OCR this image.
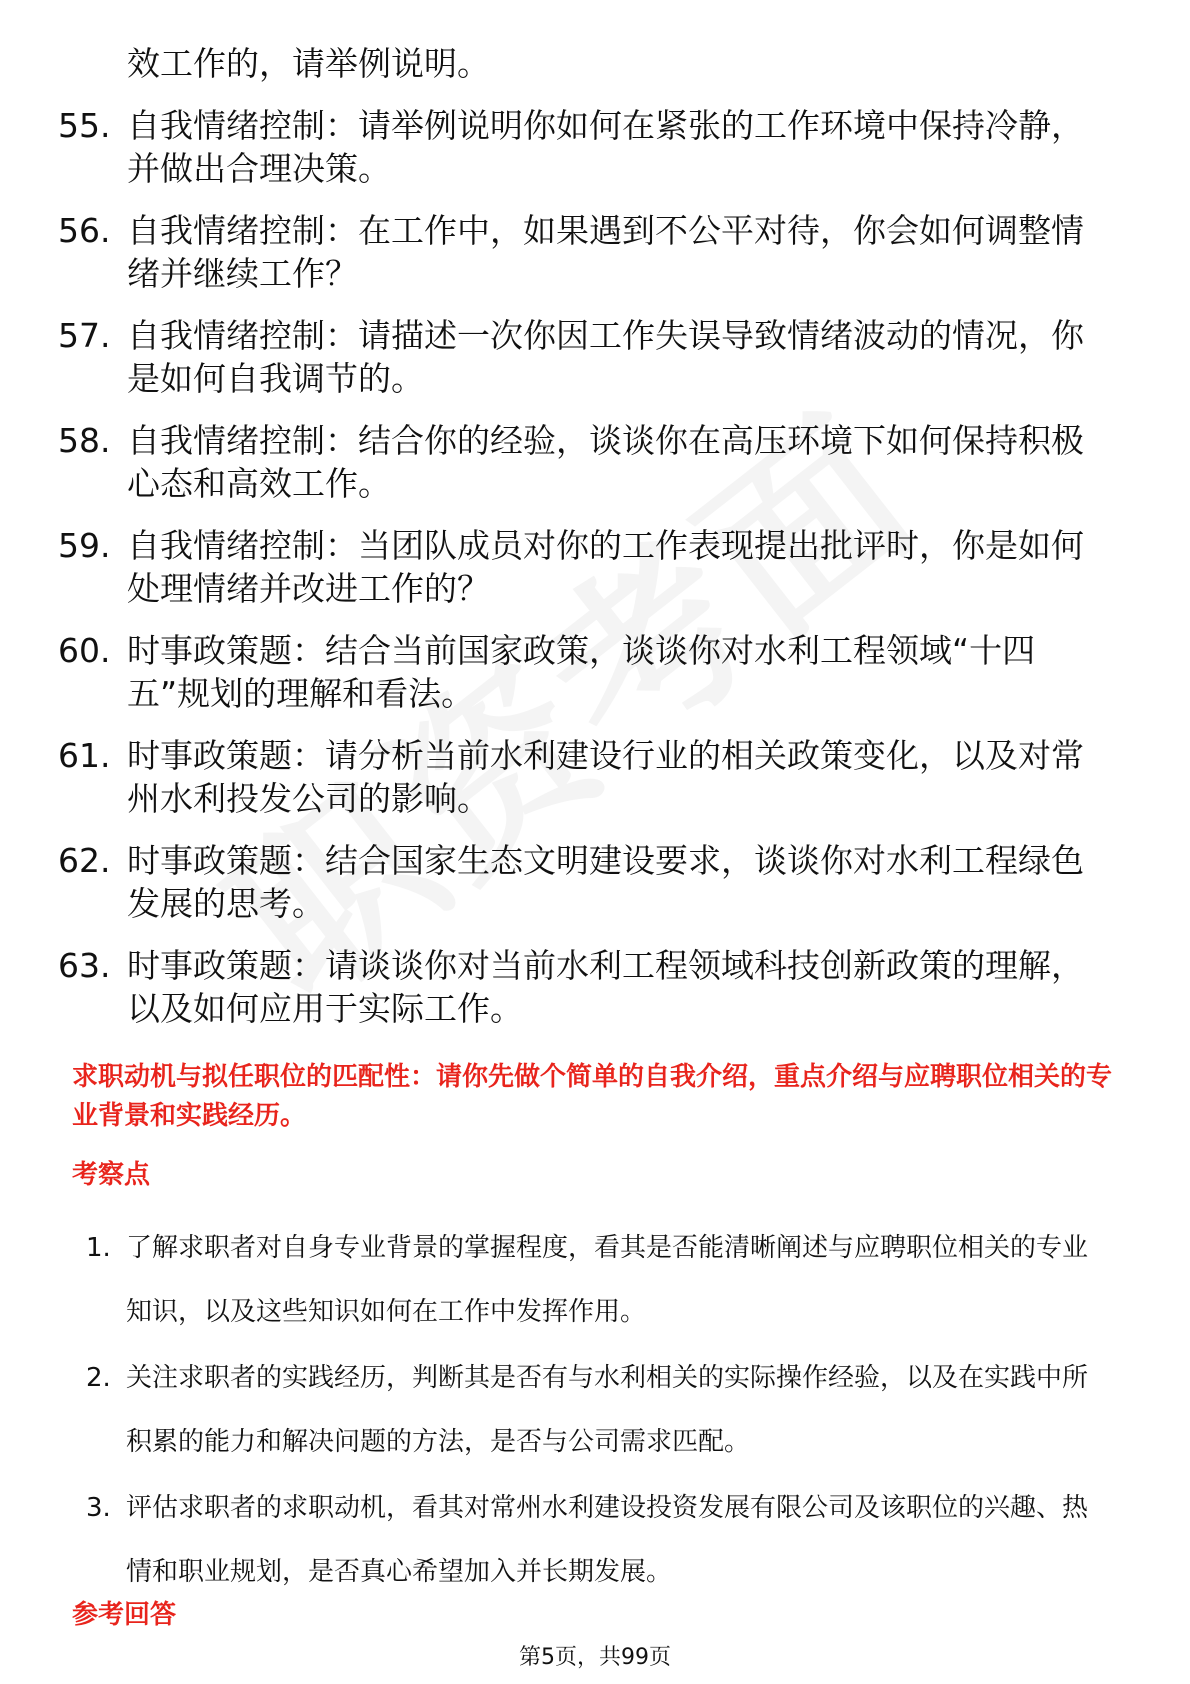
效工作的，请举例说明。
55. 自我情绪控制：请举例说明你如何在紧张的工作环境中保持冷静，并做出合理决策。
56. 自我情绪控制：在工作中，如果遇到不公平对待，你会如何调整情绪并继续工作？
57. 自我情绪控制：请描述一次你因工作失误导致情绪波动的情况，你是如何自我调节的。
58. 自我情绪控制：结合你的经验，谈谈你在高压环境下如何保持积极心态和高效工作。
59. 自我情绪控制：当团队成员对你的工作表现提出批评时，你是如何处理情绪并改进工作的？
60. 时事政策题：结合当前国家政策，谈谈你对水利工程领域“十四五”规划的理解和看法。
61. 时事政策题：请分析当前水利建设行业的相关政策变化，以及对常州水利投发公司的影响。
62. 时事政策题：结合国家生态文明建设要求，谈谈你对水利工程绿色发展的思考。
63. 时事政策题：请谈谈你对当前水利工程领域科技创新政策的理解，以及如何应用于实际工作。
求职动机与拟任职位的匹配性：请你先做个简单的自我介绍，重点介绍与应聘职位相关的专业背景和实践经历。
考察点
1. 了解求职者对自身专业背景的掌握程度，看其是否能清晰阐述与应聘职位相关的专业知识，以及这些知识如何在工作中发挥作用。
2. 关注求职者的实践经历，判断其是否有与水利相关的实际操作经验，以及在实践中所积累的能力和解决问题的方法，是否与公司需求匹配。
3. 评估求职者的求职动机，看其对常州水利建设投资发展有限公司及该职位的兴趣、热情和职业规划，是否真心希望加入并长期发展。
参考回答
第5页，共99页
